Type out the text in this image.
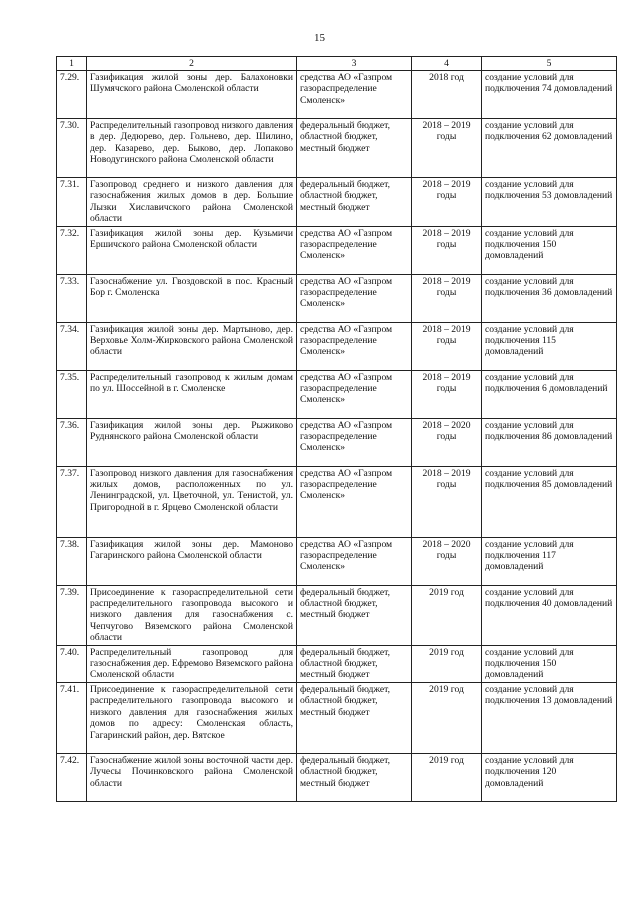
15
1	2	3	4	5
7.29.	Газификация жилой зоны дер. Балахоновки Шумячского района Смоленской области	средства АО «Газпром газораспределение Смоленск»	2018 год	создание условий для подключения 74 домовладений
7.30.	Распределительный газопровод низкого давления в дер. Дедюрево, дер. Гольнево, дер. Шилино, дер. Казарево, дер. Быково, дер. Лопаково Новодугинского района Смоленской области	федеральный бюджет, областной бюджет, местный бюджет	2018 – 2019 годы	создание условий для подключения 62 домовладений
7.31.	Газопровод среднего и низкого давления для газоснабжения жилых домов в дер. Большие Лызки Хиславичского района Смоленской области	федеральный бюджет, областной бюджет, местный бюджет	2018 – 2019 годы	создание условий для подключения 53 домовладений
7.32.	Газификация жилой зоны дер. Кузьмичи Ершичского района Смоленской области	средства АО «Газпром газораспределение Смоленск»	2018 – 2019 годы	создание условий для подключения 150 домовладений
7.33.	Газоснабжение ул. Гвоздовской в пос. Красный Бор г. Смоленска	средства АО «Газпром газораспределение Смоленск»	2018 – 2019 годы	создание условий для подключения 36 домовладений
7.34.	Газификация жилой зоны дер. Мартыново, дер. Верховье Холм-Жирковского района Смоленской области	средства АО «Газпром газораспределение Смоленск»	2018 – 2019 годы	создание условий для подключения 115 домовладений
7.35.	Распределительный газопровод к жилым домам по ул. Шоссейной в г. Смоленске	средства АО «Газпром газораспределение Смоленск»	2018 – 2019 годы	создание условий для подключения 6 домовладений
7.36.	Газификация жилой зоны дер. Рыжиково Руднянского района Смоленской области	средства АО «Газпром газораспределение Смоленск»	2018 – 2020 годы	создание условий для подключения 86 домовладений
7.37.	Газопровод низкого давления для газоснабжения жилых домов, расположенных по ул. Ленинградской, ул. Цветочной, ул. Тенистой, ул. Пригородной в г. Ярцево Смоленской области	средства АО «Газпром газораспределение Смоленск»	2018 – 2019 годы	создание условий для подключения 85 домовладений
7.38.	Газификация жилой зоны дер. Мамоново Гагаринского района Смоленской области	средства АО «Газпром газораспределение Смоленск»	2018 – 2020 годы	создание условий для подключения 117 домовладений
7.39.	Присоединение к газораспределительной сети распределительного газопровода высокого и низкого давления для газоснабжения с. Чепчугово Вяземского района Смоленской области	федеральный бюджет, областной бюджет, местный бюджет	2019 год	создание условий для подключения 40 домовладений
7.40.	Распределительный газопровод для газоснабжения дер. Ефремово Вяземского района Смоленской области	федеральный бюджет, областной бюджет, местный бюджет	2019 год	создание условий для подключения 150 домовладений
7.41.	Присоединение к газораспределительной сети распределительного газопровода высокого и низкого давления для газоснабжения жилых домов по адресу: Смоленская область, Гагаринский район, дер. Вятское	федеральный бюджет, областной бюджет, местный бюджет	2019 год	создание условий для подключения 13 домовладений
7.42.	Газоснабжение жилой зоны восточной части дер. Лучесы Починковского района Смоленской области	федеральный бюджет, областной бюджет, местный бюджет	2019 год	создание условий для подключения 120 домовладений
